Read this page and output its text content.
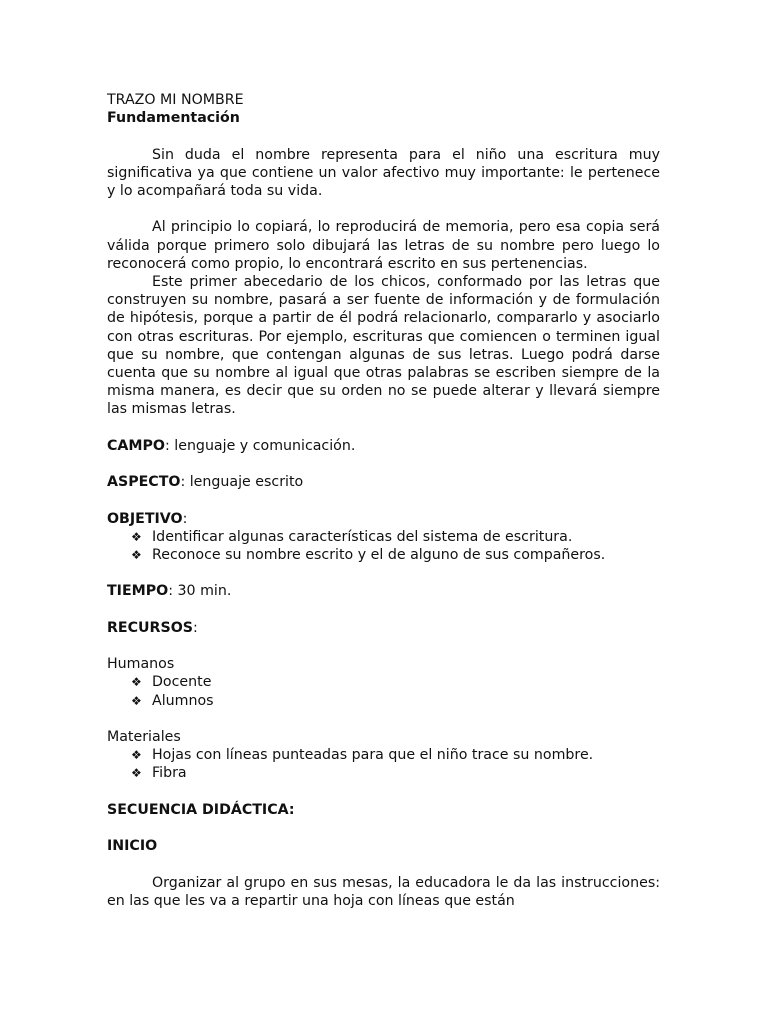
TRAZO MI NOMBRE

Fundamentación

Sin duda el nombre representa para el niño una escritura muy significativa ya que contiene un valor afectivo muy importante: le pertenece y lo acompañará toda su vida.

Al principio lo copiará, lo reproducirá de memoria, pero esa copia será válida porque primero solo dibujará las letras de su nombre pero luego lo reconocerá como propio, lo encontrará escrito en sus pertenencias.

Este primer abecedario de los chicos, conformado por las letras que construyen su nombre, pasará a ser fuente de información y de formulación de hipótesis, porque a partir de él podrá relacionarlo, compararlo y asociarlo con otras escrituras. Por ejemplo, escrituras que comiencen o terminen igual que su nombre, que contengan algunas de sus letras. Luego podrá darse cuenta que su nombre al igual que otras palabras se escriben siempre de la misma manera, es decir que su orden no se puede alterar y llevará siempre las mismas letras.

CAMPO: lenguaje y comunicación.

ASPECTO: lenguaje escrito

OBJETIVO:

❖ Identificar algunas características del sistema de escritura.
❖ Reconoce su nombre escrito y el de alguno de sus compañeros.

TIEMPO: 30 min.

RECURSOS:

Humanos

❖ Docente
❖ Alumnos

Materiales

❖ Hojas con líneas punteadas para que el niño trace su nombre.
❖ Fibra

SECUENCIA DIDÁCTICA:

INICIO

Organizar al grupo en sus mesas, la educadora le da las instrucciones: en las que les va a repartir una hoja con líneas que están
